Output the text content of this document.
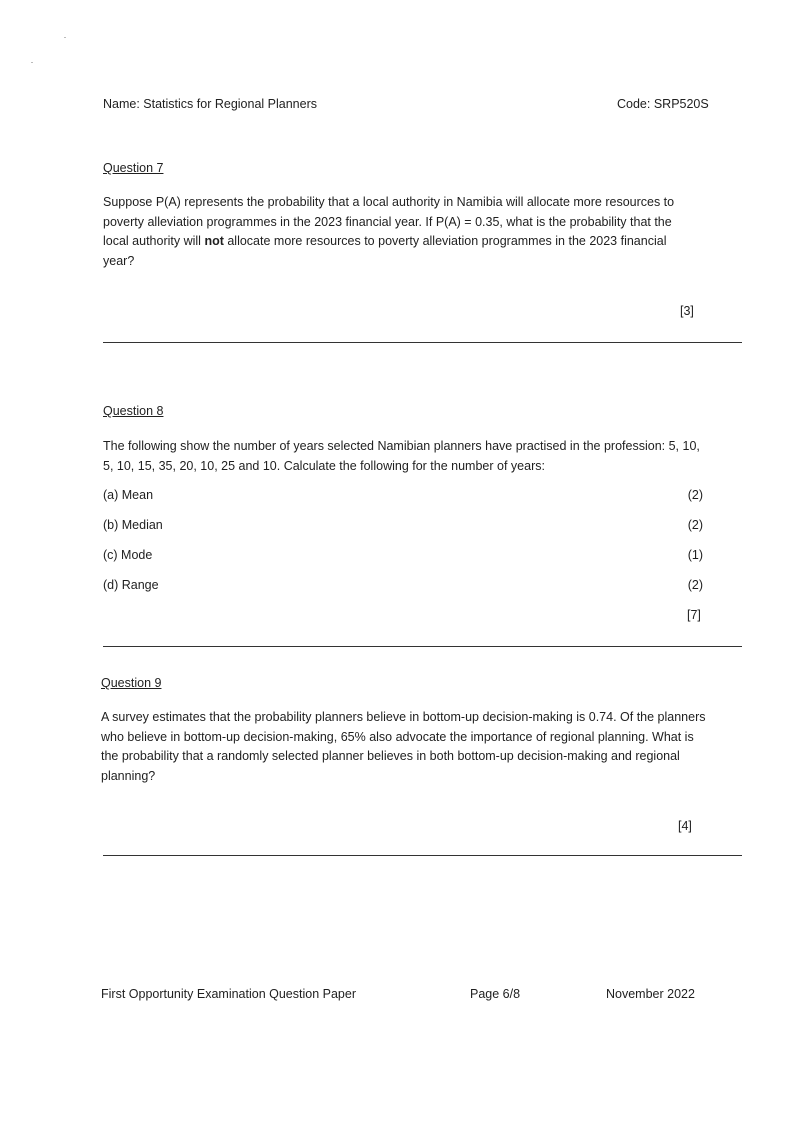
Name: Statistics for Regional Planners	Code: SRP520S
Question 7
Suppose P(A) represents the probability that a local authority in Namibia will allocate more resources to poverty alleviation programmes in the 2023 financial year. If P(A) = 0.35, what is the probability that the local authority will not allocate more resources to poverty alleviation programmes in the 2023 financial year?
[3]
Question 8
The following show the number of years selected Namibian planners have practised in the profession: 5, 10, 5, 10, 15, 35, 20, 10, 25 and 10. Calculate the following for the number of years:
(a) Mean	(2)
(b) Median	(2)
(c) Mode	(1)
(d) Range	(2)
[7]
Question 9
A survey estimates that the probability planners believe in bottom-up decision-making is 0.74. Of the planners who believe in bottom-up decision-making, 65% also advocate the importance of regional planning. What is the probability that a randomly selected planner believes in both bottom-up decision-making and regional planning?
[4]
First Opportunity Examination Question Paper	Page 6/8	November 2022
